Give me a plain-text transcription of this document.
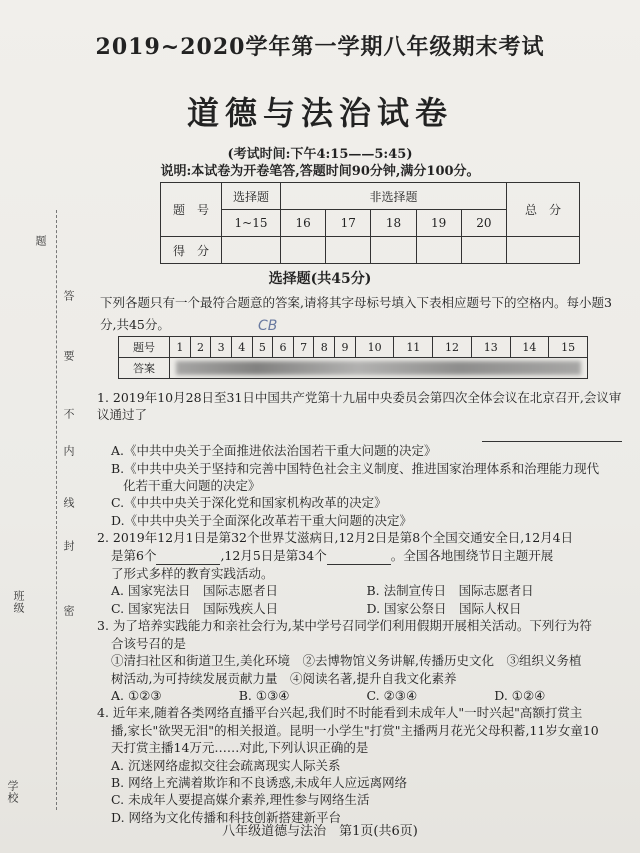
题
答
要
不
内
线
封
密
班级
学校
2019~2020学年第一学期八年级期末考试
道德与法治试卷
(考试时间:下午4:15——5:45)
说明:本试卷为开卷笔答,答题时间90分钟,满分100分。
题　号	选择题	非选择题					总　分
	1~15	16	17	18	19	20	
得　分							
选择题(共45分)
下列各题只有一个最符合题意的答案,请将其字母标号填入下表相应题号下的空格内。每小题3分,共45分。	CB
题号	1	2	3	4	5	6	7	8	9	10	11	12	13	14	15
答案															

1. 2019年10月28日至31日中国共产党第十九届中央委员会第四次全体会议在北京召开,会议审议通过了

A.《中共中央关于全面推进依法治国若干重大问题的决定》

B.《中共中央关于坚持和完善中国特色社会主义制度、推进国家治理体系和治理能力现代

化若干重大问题的决定》

C.《中共中央关于深化党和国家机构改革的决定》

D.《中共中央关于全面深化改革若干重大问题的决定》

2. 2019年12月1日是第32个世界艾滋病日,12月2日是第8个全国交通安全日,12月4日

是第6个	,12月5日是第34个	。全国各地围绕节日主题开展

了形式多样的教育实践活动。

A. 国家宪法日　国际志愿者日	B. 法制宣传日　国际志愿者日
C. 国家宪法日　国际残疾人日	D. 国家公祭日　国际人权日

3. 为了培养实践能力和亲社会行为,某中学号召同学们利用假期开展相关活动。下列行为符

合该号召的是

①清扫社区和街道卫生,美化环境　②去博物馆义务讲解,传播历史文化　③组织义务植

树活动,为可持续发展贡献力量　④阅读名著,提升自我文化素养

A. ①②③	B. ①③④	C. ②③④	D. ①②④

4. 近年来,随着各类网络直播平台兴起,我们时不时能看到未成年人"一时兴起"高额打赏主

播,家长"欲哭无泪"的相关报道。昆明一小学生"打赏"主播两月花光父母积蓄,11岁女童10

天打赏主播14万元……对此,下列认识正确的是

A. 沉迷网络虚拟交往会疏离现实人际关系

B. 网络上充满着欺诈和不良诱惑,未成年人应远离网络

C. 未成年人要提高媒介素养,理性参与网络生活

D. 网络为文化传播和科技创新搭建新平台

八年级道德与法治　第1页(共6页)
